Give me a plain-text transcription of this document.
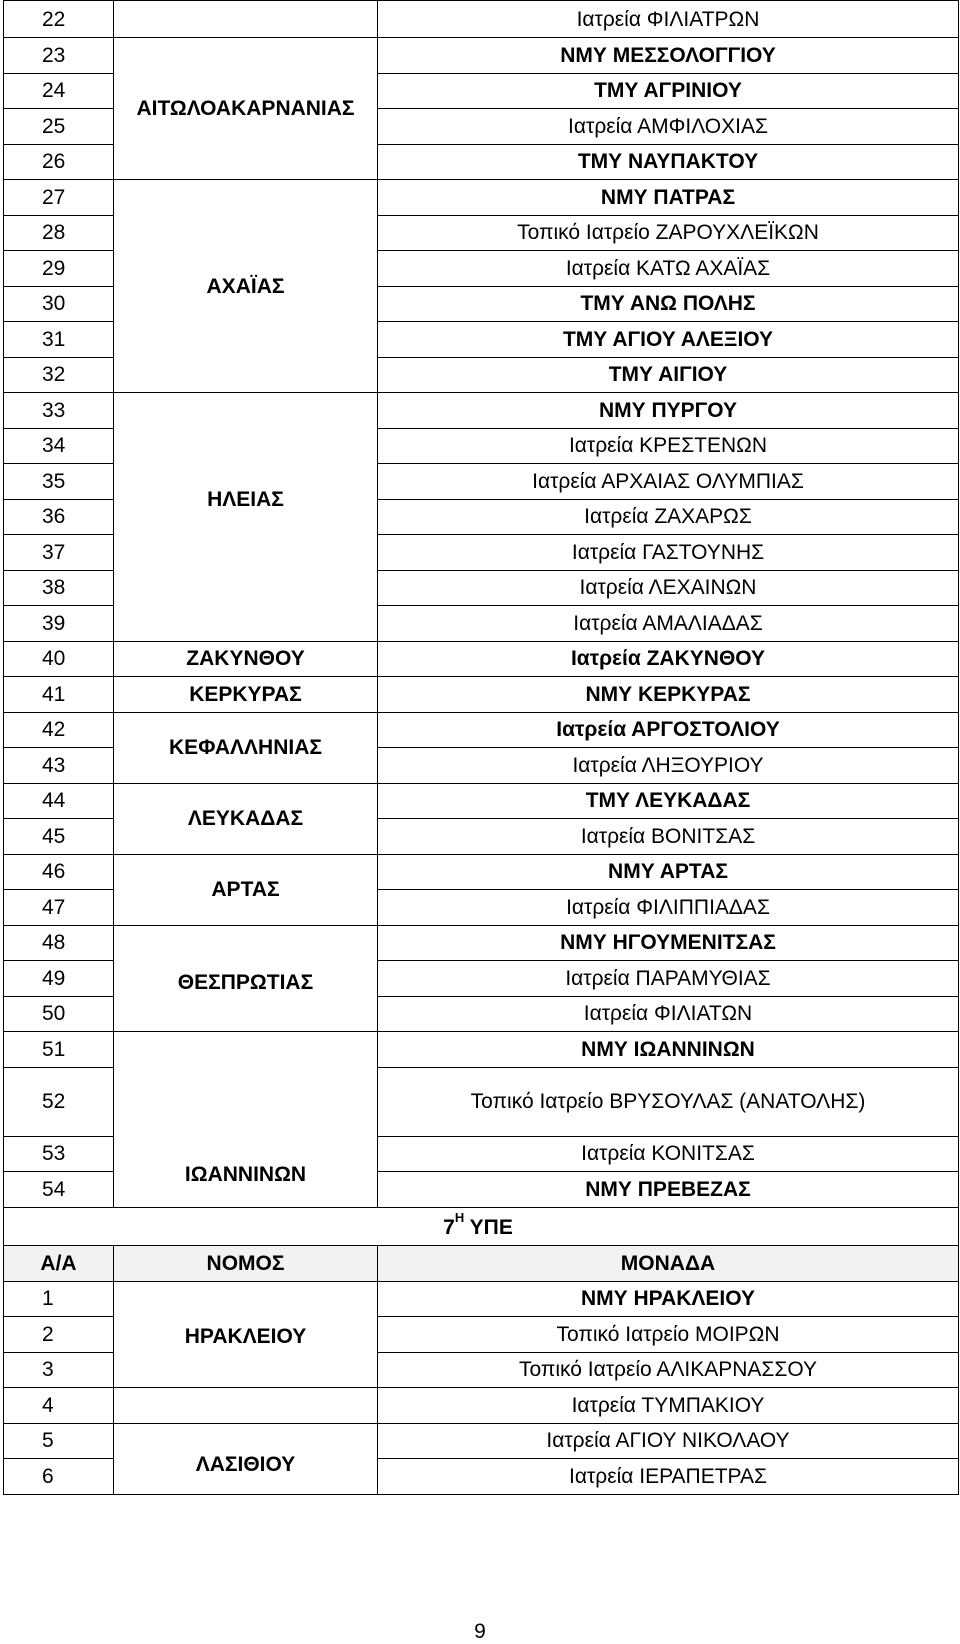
22		Ιατρεία ΦΙΛΙΑΤΡΩΝ
23	ΑΙΤΩΛΟΑΚΑΡΝΑΝΙΑΣ	ΝΜΥ ΜΕΣΣΟΛΟΓΓΙΟΥ
24		ΤΜΥ ΑΓΡΙΝΙΟΥ
25		Ιατρεία ΑΜΦΙΛΟΧΙΑΣ
26		ΤΜΥ ΝΑΥΠΑΚΤΟΥ
27	ΑΧΑΪΑΣ	ΝΜΥ ΠΑΤΡΑΣ
28		Τοπικό Ιατρείο ΖΑΡΟΥΧΛΕΪΚΩΝ
29		Ιατρεία ΚΑΤΩ ΑΧΑΪΑΣ
30		ΤΜΥ ΑΝΩ ΠΟΛΗΣ
31		ΤΜΥ ΑΓΙΟΥ ΑΛΕΞΙΟΥ
32		ΤΜΥ ΑΙΓΙΟΥ
33	ΗΛΕΙΑΣ	ΝΜΥ ΠΥΡΓΟΥ
34		Ιατρεία ΚΡΕΣΤΕΝΩΝ
35		Ιατρεία ΑΡΧΑΙΑΣ ΟΛΥΜΠΙΑΣ
36		Ιατρεία ΖΑΧΑΡΩΣ
37		Ιατρεία ΓΑΣΤΟΥΝΗΣ
38		Ιατρεία ΛΕΧΑΙΝΩΝ
39		Ιατρεία ΑΜΑΛΙΑΔΑΣ
40	ΖΑΚΥΝΘΟΥ	Ιατρεία ΖΑΚΥΝΘΟΥ
41	ΚΕΡΚΥΡΑΣ	ΝΜΥ ΚΕΡΚΥΡΑΣ
42	ΚΕΦΑΛΛΗΝΙΑΣ	Ιατρεία ΑΡΓΟΣΤΟΛΙΟΥ
43		Ιατρεία ΛΗΞΟΥΡΙΟΥ
44	ΛΕΥΚΑΔΑΣ	ΤΜΥ ΛΕΥΚΑΔΑΣ
45		Ιατρεία ΒΟΝΙΤΣΑΣ
46	ΑΡΤΑΣ	ΝΜΥ ΑΡΤΑΣ
47		Ιατρεία ΦΙΛΙΠΠΙΑΔΑΣ
48	ΘΕΣΠΡΩΤΙΑΣ	ΝΜΥ ΗΓΟΥΜΕΝΙΤΣΑΣ
49		Ιατρεία ΠΑΡΑΜΥΘΙΑΣ
50		Ιατρεία ΦΙΛΙΑΤΩΝ
51	ΙΩΑΝΝΙΝΩΝ	ΝΜΥ ΙΩΑΝΝΙΝΩΝ
52		Τοπικό Ιατρείο ΒΡΥΣΟΥΛΑΣ (ΑΝΑΤΟΛΗΣ)
53		Ιατρεία ΚΟΝΙΤΣΑΣ
54		ΝΜΥ ΠΡΕΒΕΖΑΣ
$7^H$ ΥΠΕ		
Α/Α	ΝΟΜΟΣ	ΜΟΝΑΔΑ
1	ΗΡΑΚΛΕΙΟΥ	ΝΜΥ ΗΡΑΚΛΕΙΟΥ
2		Τοπικό Ιατρείο ΜΟΙΡΩΝ
3		Τοπικό Ιατρείο ΑΛΙΚΑΡΝΑΣΣΟΥ
4		Ιατρεία ΤΥΜΠΑΚΙΟΥ
5	ΛΑΣΙΘΙΟΥ	Ιατρεία ΑΓΙΟΥ ΝΙΚΟΛΑΟΥ
6		Ιατρεία ΙΕΡΑΠΕΤΡΑΣ
9
